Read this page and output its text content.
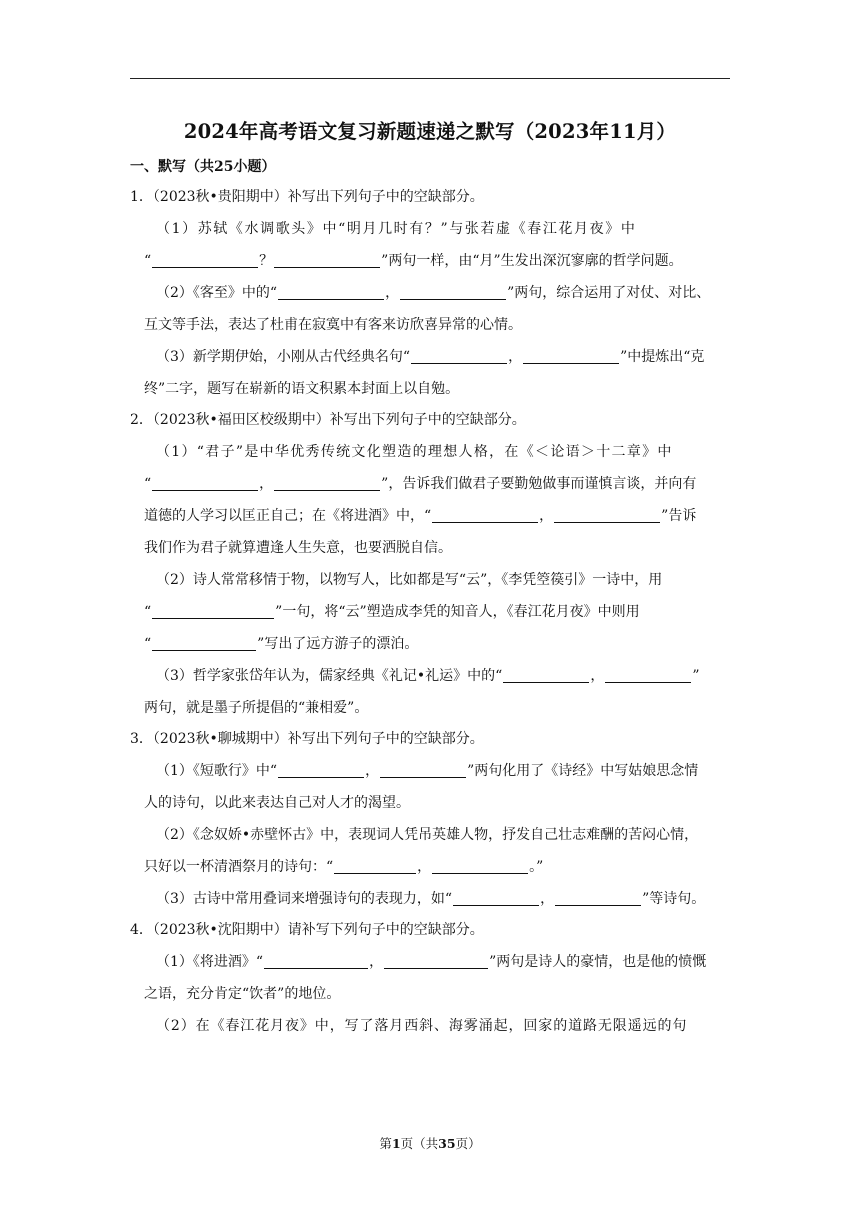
2024年高考语文复习新题速递之默写（2023年11月）
一、默写（共25小题）
1．（2023秋•贵阳期中）补写出下列句子中的空缺部分。
（1）苏轼《水调歌头》中“明月几时有？”与张若虚《春江花月夜》中
“	？	”两句一样，由“月”生发出深沉寥廓的哲学问题。
（2）《客至》中的“	，	”两句，综合运用了对仗、对比、
互文等手法，表达了杜甫在寂寞中有客来访欣喜异常的心情。
（3）新学期伊始，小刚从古代经典名句“	，	”中提炼出“克
终”二字，题写在崭新的语文积累本封面上以自勉。
2．（2023秋•福田区校级期中）补写出下列句子中的空缺部分。
（1）“君子”是中华优秀传统文化塑造的理想人格，在《＜论语＞十二章》中
“	，	”，告诉我们做君子要勤勉做事而谨慎言谈，并向有
道德的人学习以匡正自己；在《将进酒》中，“	，	”告诉
我们作为君子就算遭逢人生失意，也要洒脱自信。
（2）诗人常常移情于物，以物写人，比如都是写“云”，《李凭箜篌引》一诗中，用
“	”一句，将“云”塑造成李凭的知音人，《春江花月夜》中则用
“	”写出了远方游子的漂泊。
（3）哲学家张岱年认为，儒家经典《礼记•礼运》中的“	，	”
两句，就是墨子所提倡的“兼相爱”。
3．（2023秋•聊城期中）补写出下列句子中的空缺部分。
（1）《短歌行》中“	，	”两句化用了《诗经》中写姑娘思念情
人的诗句，以此来表达自己对人才的渴望。
（2）《念奴娇•赤壁怀古》中，表现词人凭吊英雄人物，抒发自己壮志难酬的苦闷心情，
只好以一杯清酒祭月的诗句：“	，	。”
（3）古诗中常用叠词来增强诗句的表现力，如“	，	”等诗句。
4．（2023秋•沈阳期中）请补写下列句子中的空缺部分。
（1）《将进酒》“	，	”两句是诗人的豪情，也是他的愤慨
之语，充分肯定“饮者”的地位。
（2）在《春江花月夜》中，写了落月西斜、海雾涌起，回家的道路无限遥远的句
第1页（共35页）
